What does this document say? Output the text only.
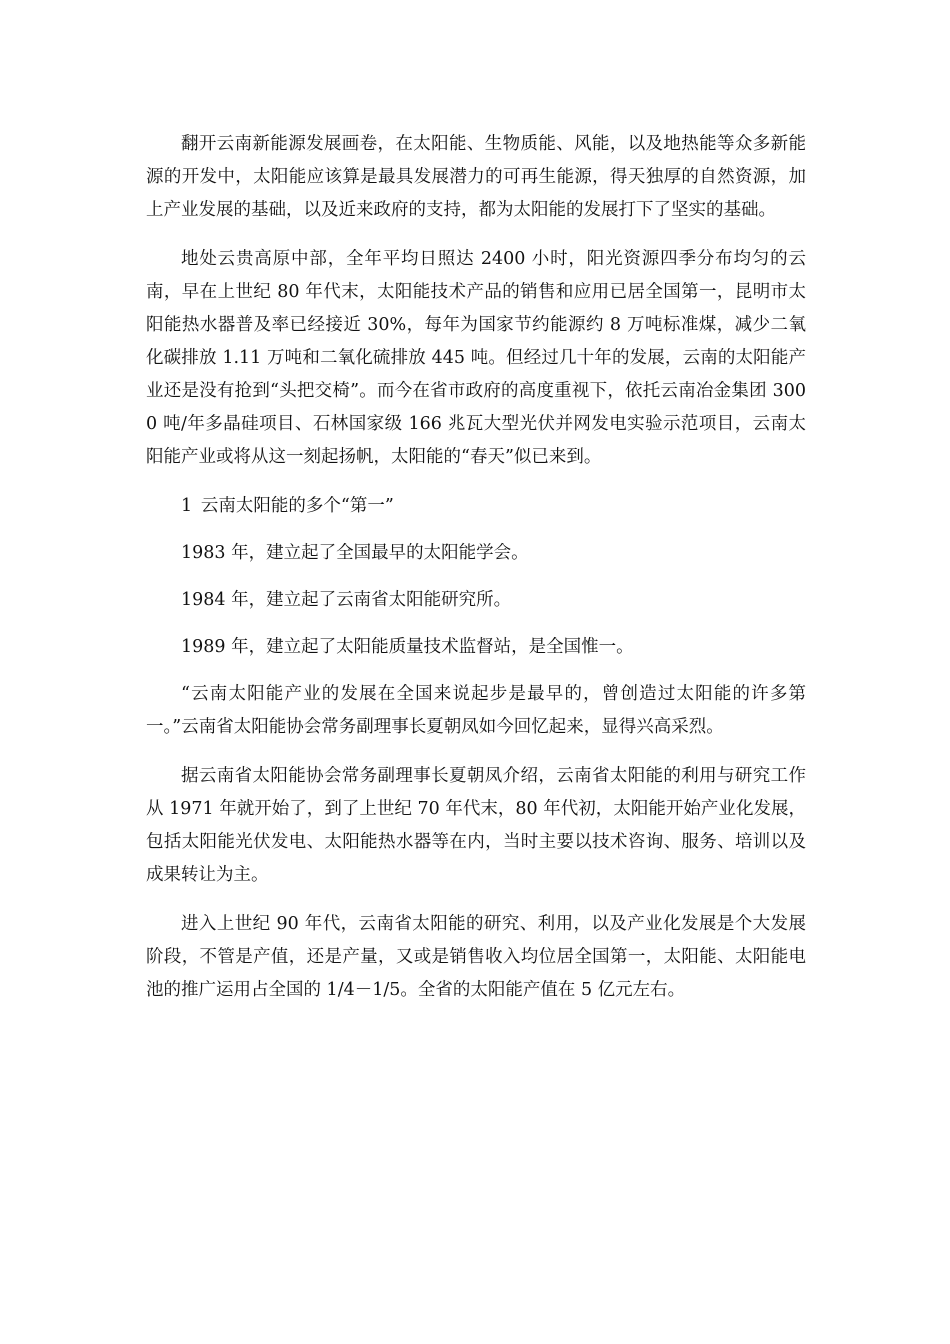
翻开云南新能源发展画卷，在太阳能、生物质能、风能，以及地热能等众多新能源的开发中，太阳能应该算是最具发展潜力的可再生能源，得天独厚的自然资源，加上产业发展的基础，以及近来政府的支持，都为太阳能的发展打下了坚实的基础。

地处云贵高原中部，全年平均日照达 2400 小时，阳光资源四季分布均匀的云南，早在上世纪 80 年代末，太阳能技术产品的销售和应用已居全国第一，昆明市太阳能热水器普及率已经接近 30%，每年为国家节约能源约 8 万吨标准煤，减少二氧化碳排放 1.11 万吨和二氧化硫排放 445 吨。但经过几十年的发展，云南的太阳能产业还是没有抢到“头把交椅”。而今在省市政府的高度重视下，依托云南冶金集团 3000 吨/年多晶硅项目、石林国家级 166 兆瓦大型光伏并网发电实验示范项目，云南太阳能产业或将从这一刻起扬帆，太阳能的“春天”似已来到。

1 云南太阳能的多个“第一”

1983 年，建立起了全国最早的太阳能学会。

1984 年，建立起了云南省太阳能研究所。

1989 年，建立起了太阳能质量技术监督站，是全国惟一。

“云南太阳能产业的发展在全国来说起步是最早的，曾创造过太阳能的许多第一。”云南省太阳能协会常务副理事长夏朝凤如今回忆起来，显得兴高采烈。

据云南省太阳能协会常务副理事长夏朝凤介绍，云南省太阳能的利用与研究工作从 1971 年就开始了，到了上世纪 70 年代末，80 年代初，太阳能开始产业化发展，包括太阳能光伏发电、太阳能热水器等在内，当时主要以技术咨询、服务、培训以及成果转让为主。

进入上世纪 90 年代，云南省太阳能的研究、利用，以及产业化发展是个大发展阶段，不管是产值，还是产量，又或是销售收入均位居全国第一，太阳能、太阳能电池的推广运用占全国的 1/4－1/5。全省的太阳能产值在 5 亿元左右。
